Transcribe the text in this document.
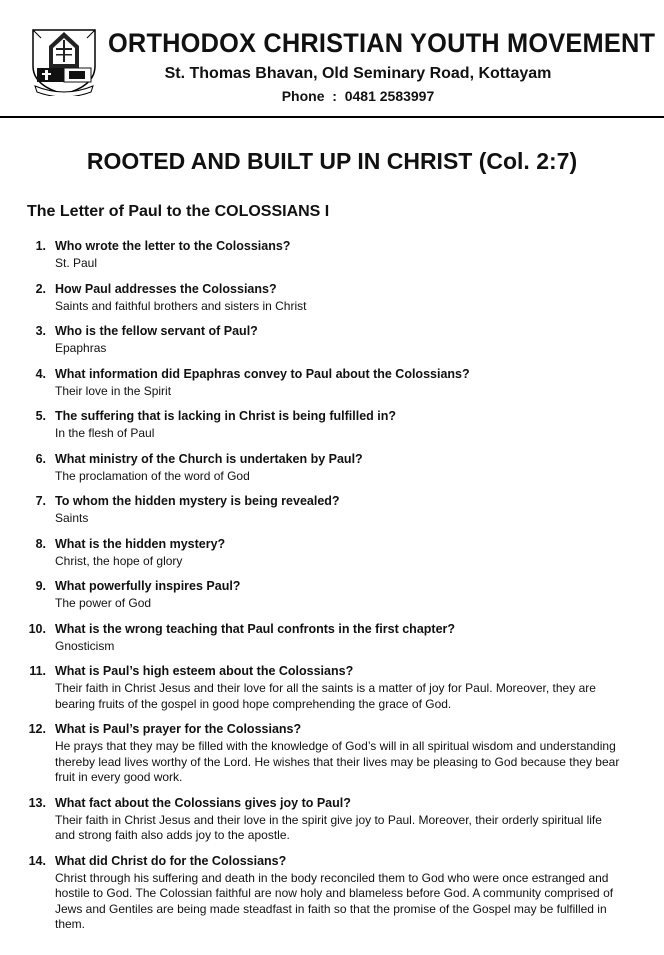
ORTHODOX CHRISTIAN YOUTH MOVEMENT
St. Thomas Bhavan, Old Seminary Road, Kottayam
Phone  :  0481 2583997
ROOTED AND BUILT UP IN CHRIST (Col. 2:7)
The Letter of Paul to the COLOSSIANS I
1. Who wrote the letter to the Colossians?
St. Paul
2. How Paul addresses the Colossians?
Saints and faithful brothers and sisters in Christ
3. Who is the fellow servant of Paul?
Epaphras
4. What information did Epaphras convey to Paul about the Colossians?
Their love in the Spirit
5. The suffering that is lacking in Christ is being fulfilled in?
In the flesh of Paul
6. What ministry of the Church is undertaken by Paul?
The proclamation of the word of God
7. To whom the hidden mystery is being revealed?
Saints
8. What is the hidden mystery?
Christ, the hope of glory
9. What powerfully inspires Paul?
The power of God
10. What is the wrong teaching that Paul confronts in the first chapter?
Gnosticism
11. What is Paul’s high esteem about the Colossians?
Their faith in Christ Jesus and their love for all the saints is a matter of joy for Paul. Moreover, they are bearing fruits of the gospel in good hope comprehending the grace of God.
12. What is Paul’s prayer for the Colossians?
He prays that they may be filled with the knowledge of God’s will in all spiritual wisdom and understanding thereby lead lives worthy of the Lord. He wishes that their lives may be pleasing to God because they bear fruit in every good work.
13. What fact about the Colossians gives joy to Paul?
Their faith in Christ Jesus and their love in the spirit give joy to Paul. Moreover, their orderly spiritual life and strong faith also adds joy to the apostle.
14. What did Christ do for the Colossians?
Christ through his suffering and death in the body reconciled them to God who were once estranged and hostile to God. The Colossian faithful are now holy and blameless before God. A community comprised of Jews and Gentiles are being made steadfast in faith so that the promise of the Gospel may be fulfilled in them.
